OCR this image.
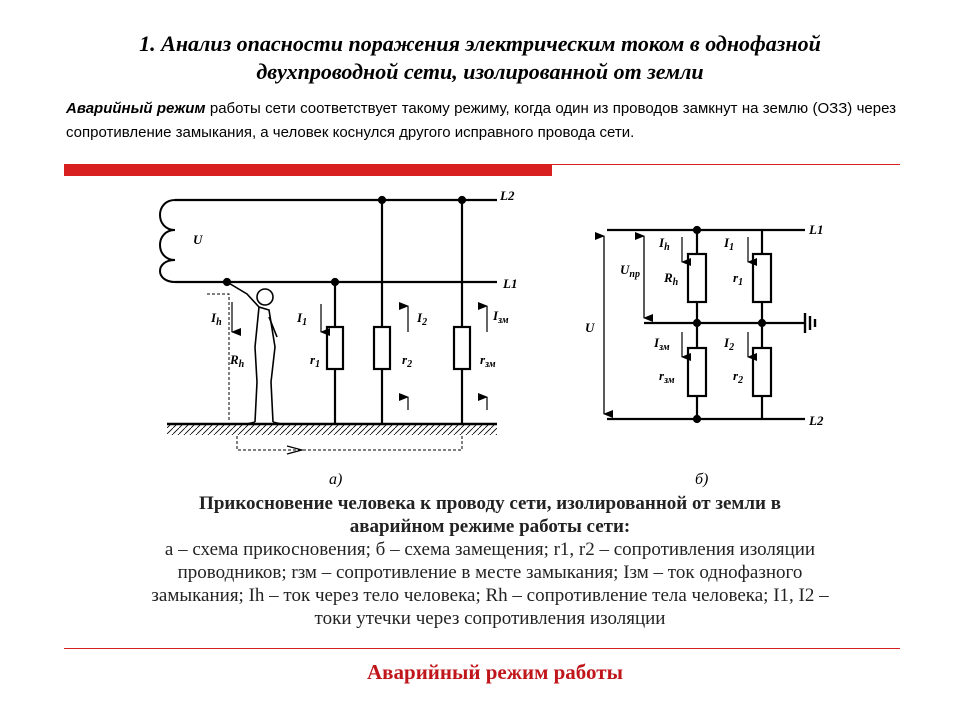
1. Анализ опасности поражения электрическим током в однофазной
двухпроводной сети, изолированной от земли

Аварийный режим работы сети соответствует такому режиму, когда один из проводов замкнут на землю (ОЗЗ) через сопротивление замыкания, а человек коснулся другого исправного провода сети.

L2
L1
U
$I_h$
$R_h$
$I_1$
$r_1$
$I_2$
$r_2$
$I_{зм}$
$r_{зм}$
а)
L1
L2
U
$U_{пр}$
$I_h$
$R_h$
$I_1$
$r_1$
$I_{зм}$
$r_{зм}$
$I_2$
$r_2$
б)
Прикосновение человека к проводу сети, изолированной от земли в аварийном режиме работы сети:
а – схема прикосновения; б – схема замещения; r1, r2 – сопротивления изоляции проводников; rзм – сопротивление в месте замыкания; Iзм – ток однофазного замыкания; Ih – ток через тело человека; Rh – сопротивление тела человека; I1, I2 – токи утечки через сопротивления изоляции
Аварийный режим работы
